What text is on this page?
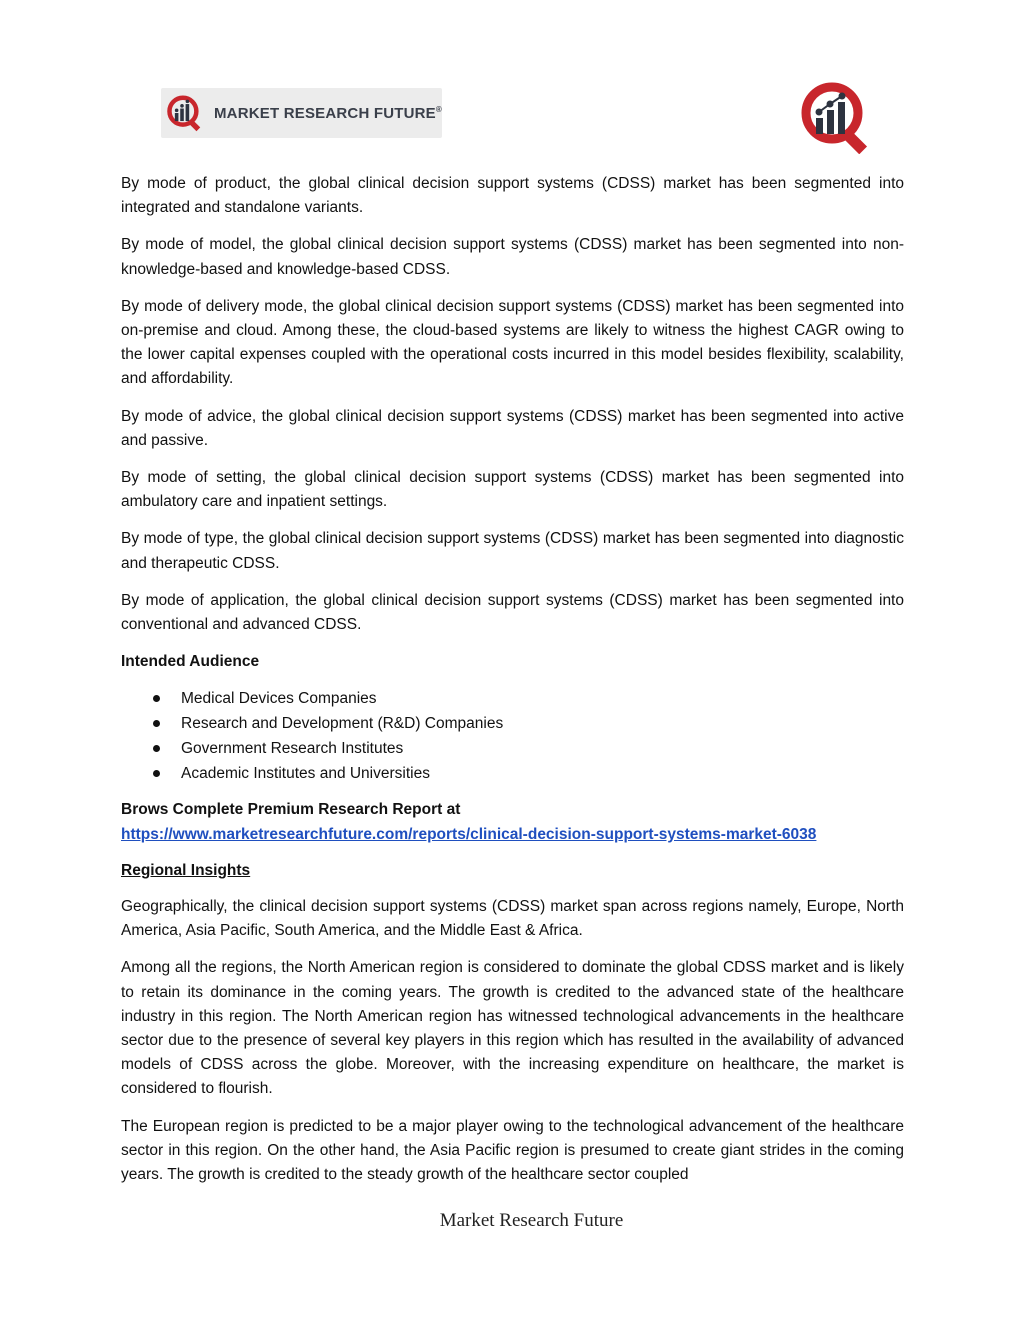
MARKET RESEARCH FUTURE®

By mode of product, the global clinical decision support systems (CDSS) market has been segmented into integrated and standalone variants.

By mode of model, the global clinical decision support systems (CDSS) market has been segmented into non-knowledge-based and knowledge-based CDSS.

By mode of delivery mode, the global clinical decision support systems (CDSS) market has been segmented into on-premise and cloud. Among these, the cloud-based systems are likely to witness the highest CAGR owing to the lower capital expenses coupled with the operational costs incurred in this model besides flexibility, scalability, and affordability.

By mode of advice, the global clinical decision support systems (CDSS) market has been segmented into active and passive.

By mode of setting, the global clinical decision support systems (CDSS) market has been segmented into ambulatory care and inpatient settings.

By mode of type, the global clinical decision support systems (CDSS) market has been segmented into diagnostic and therapeutic CDSS.

By mode of application, the global clinical decision support systems (CDSS) market has been segmented into conventional and advanced CDSS.

Intended Audience
Medical Devices Companies
Research and Development (R&D) Companies
Government Research Institutes
Academic Institutes and Universities
Brows Complete Premium Research Report at
https://www.marketresearchfuture.com/reports/clinical-decision-support-systems-market-6038
Regional Insights

Geographically, the clinical decision support systems (CDSS) market span across regions namely, Europe, North America, Asia Pacific, South America, and the Middle East & Africa.

Among all the regions, the North American region is considered to dominate the global CDSS market and is likely to retain its dominance in the coming years. The growth is credited to the advanced state of the healthcare industry in this region. The North American region has witnessed technological advancements in the healthcare sector due to the presence of several key players in this region which has resulted in the availability of advanced models of CDSS across the globe. Moreover, with the increasing expenditure on healthcare, the market is considered to flourish.

The European region is predicted to be a major player owing to the technological advancement of the healthcare sector in this region. On the other hand, the Asia Pacific region is presumed to create giant strides in the coming years. The growth is credited to the steady growth of the healthcare sector coupled

Market Research Future
